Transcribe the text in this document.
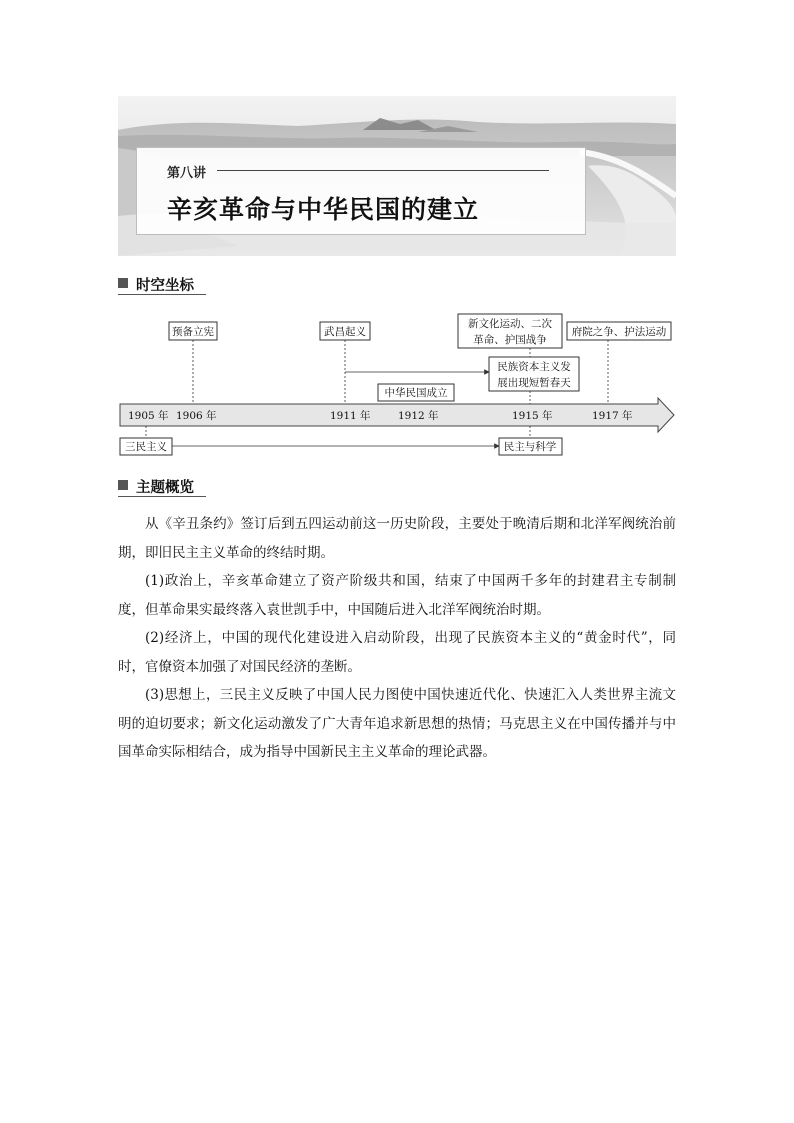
第八讲
辛亥革命与中华民国的建立
时空坐标
1905 年 1906 年	1911 年	1912 年	1915 年	1917 年
预备立宪	武昌起义
新文化运动、二次
革命、护国战争
民族资本主义发
展出现短暂春天
府院之争、护法运动
中华民国成立
三民主义	民主与科学
主题概览

从《辛丑条约》签订后到五四运动前这一历史阶段，主要处于晚清后期和北洋军阀统治前期，即旧民主主义革命的终结时期。

(1)政治上，辛亥革命建立了资产阶级共和国，结束了中国两千多年的封建君主专制制度，但革命果实最终落入袁世凯手中，中国随后进入北洋军阀统治时期。

(2)经济上，中国的现代化建设进入启动阶段，出现了民族资本主义的“黄金时代”，同时，官僚资本加强了对国民经济的垄断。

(3)思想上，三民主义反映了中国人民力图使中国快速近代化、快速汇入人类世界主流文明的迫切要求；新文化运动激发了广大青年追求新思想的热情；马克思主义在中国传播并与中国革命实际相结合，成为指导中国新民主主义革命的理论武器。
